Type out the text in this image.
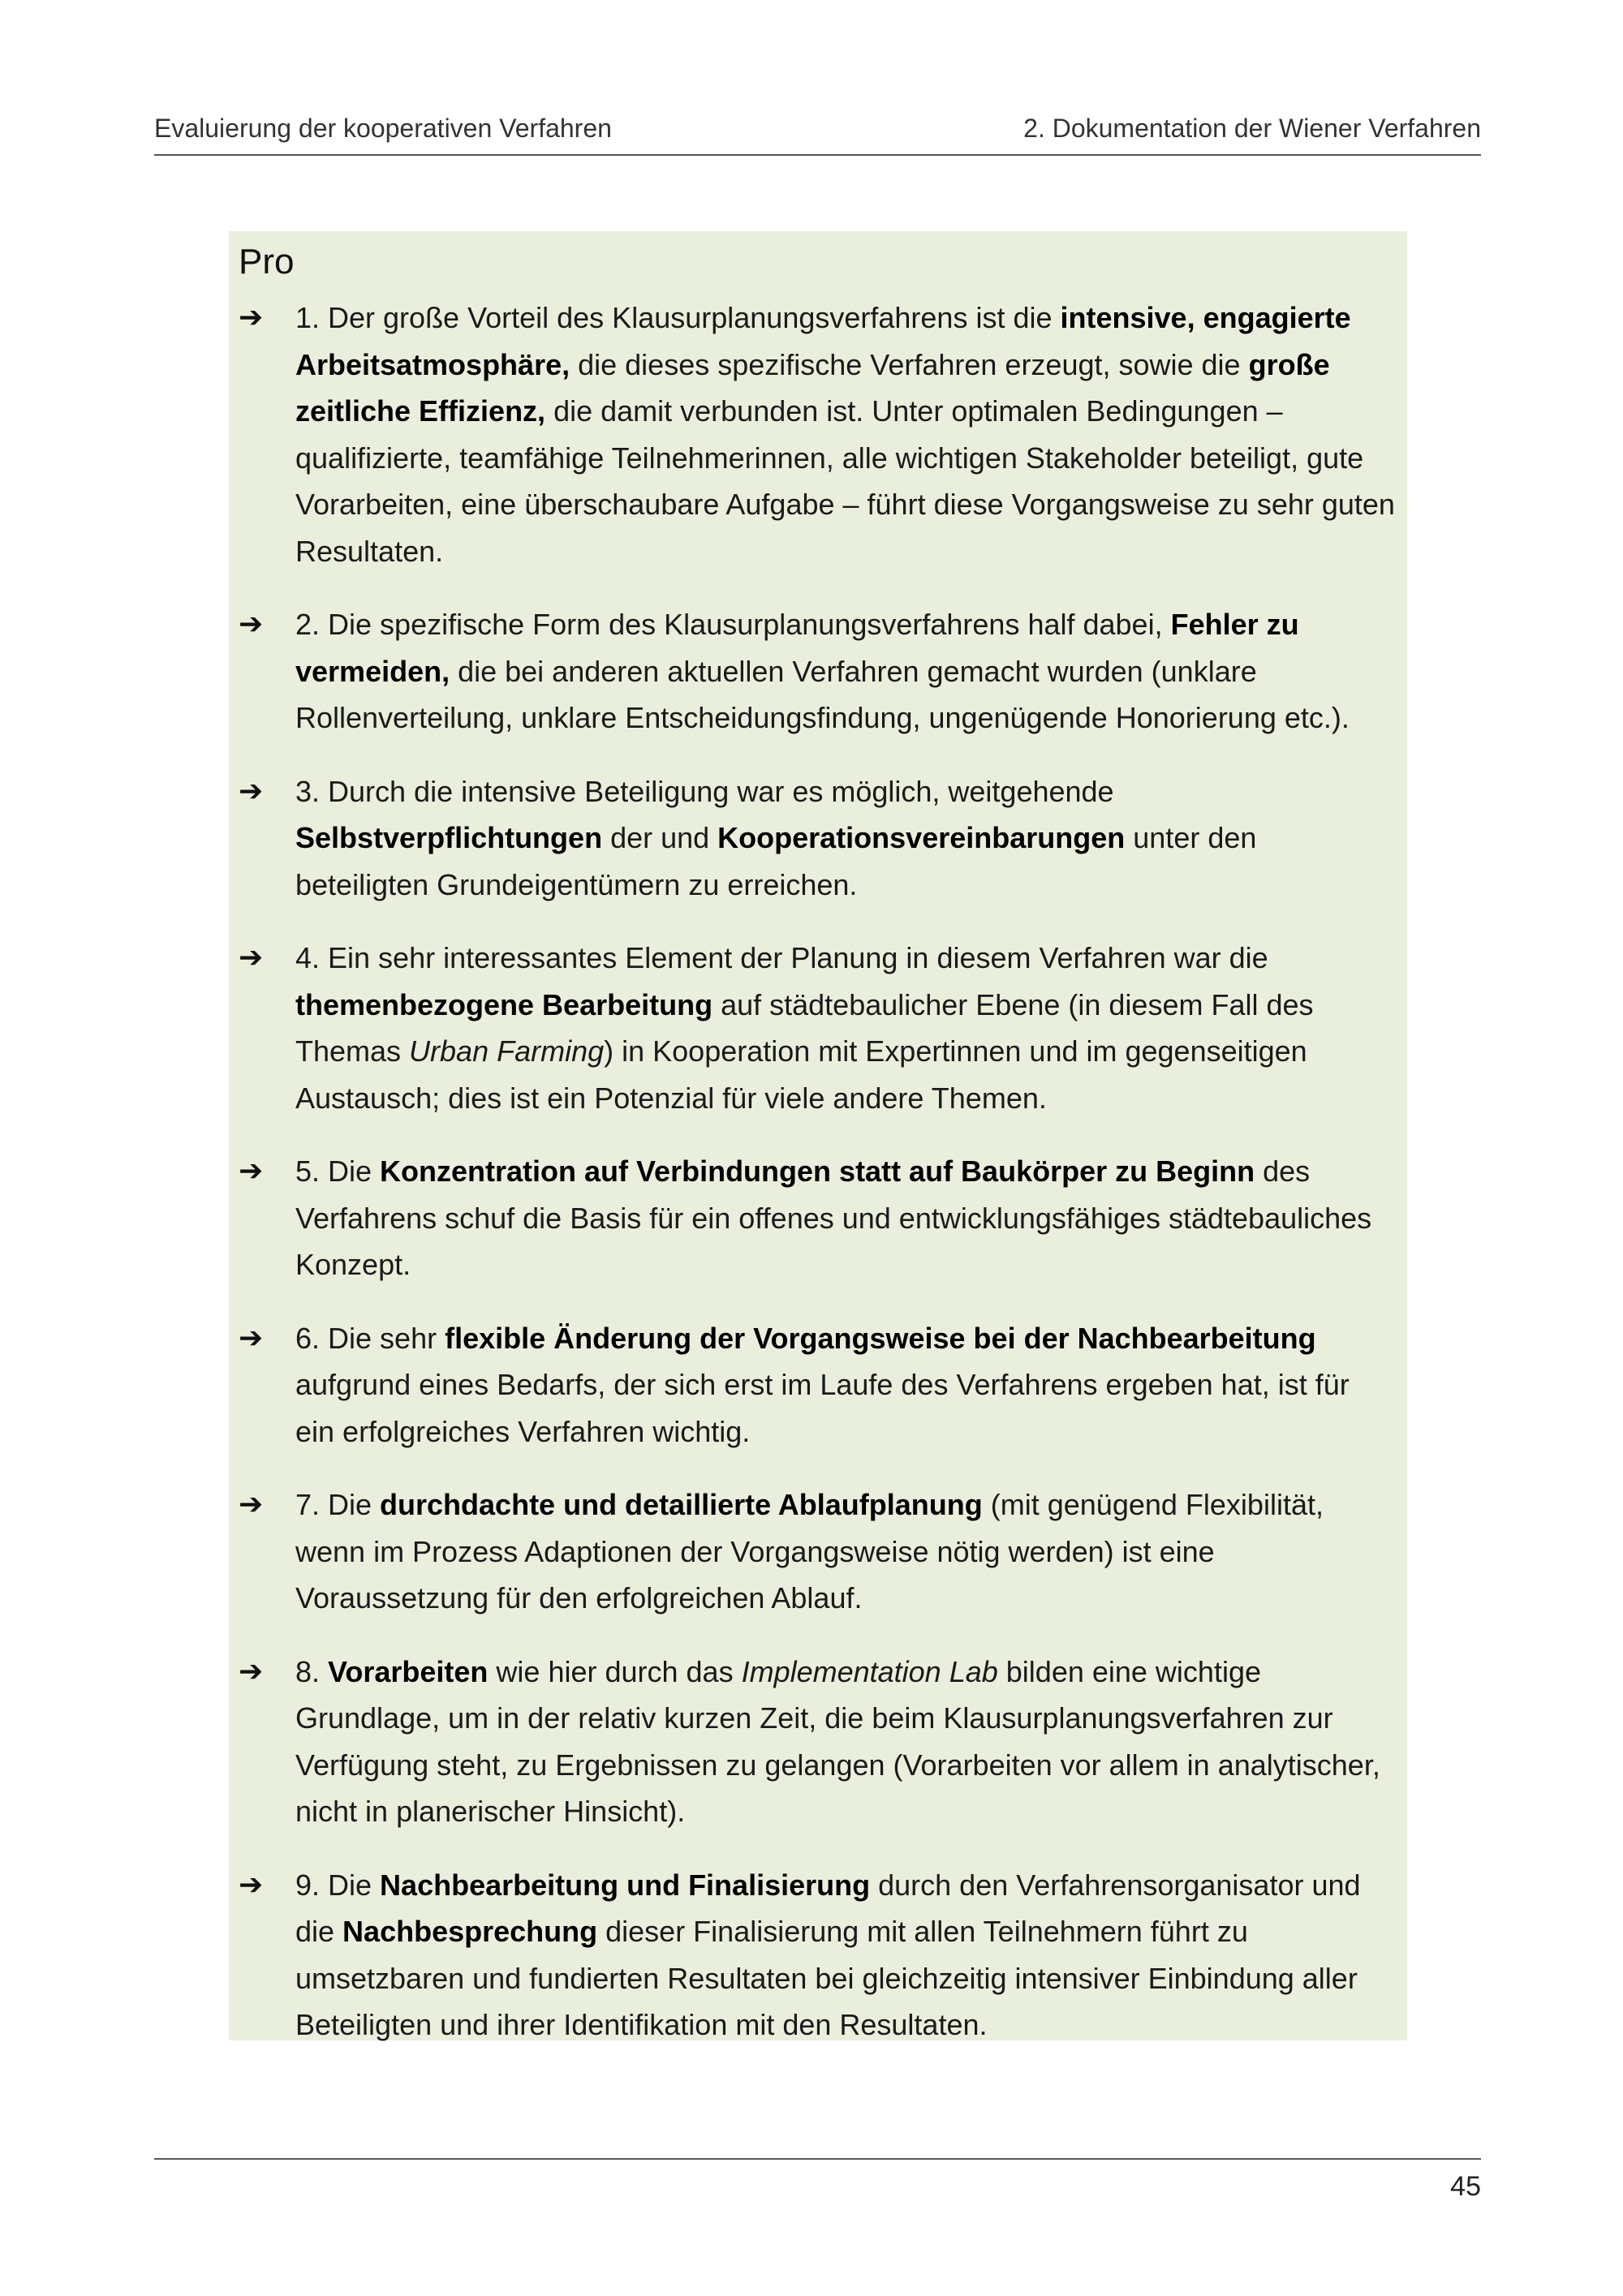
Evaluierung der kooperativen Verfahren	2. Dokumentation der Wiener Verfahren
Pro
➔ 1. Der große Vorteil des Klausurplanungsverfahrens ist die intensive, engagierte Arbeitsatmosphäre, die dieses spezifische Verfahren erzeugt, sowie die große zeitliche Effizienz, die damit verbunden ist. Unter optimalen Bedingungen – qualifizierte, teamfähige Teilnehmerinnen, alle wichtigen Stakeholder beteiligt, gute Vorarbeiten, eine überschaubare Aufgabe – führt diese Vorgangsweise zu sehr guten Resultaten.
➔ 2. Die spezifische Form des Klausurplanungsverfahrens half dabei, Fehler zu vermeiden, die bei anderen aktuellen Verfahren gemacht wurden (unklare Rollenverteilung, unklare Entscheidungsfindung, ungenügende Honorierung etc.).
➔ 3. Durch die intensive Beteiligung war es möglich, weitgehende Selbstverpflichtungen der und Kooperationsvereinbarungen unter den beteiligten Grundeigentümern zu erreichen.
➔ 4. Ein sehr interessantes Element der Planung in diesem Verfahren war die themenbezogene Bearbeitung auf städtebaulicher Ebene (in diesem Fall des Themas Urban Farming) in Kooperation mit Expertinnen und im gegenseitigen Austausch; dies ist ein Potenzial für viele andere Themen.
➔ 5. Die Konzentration auf Verbindungen statt auf Baukörper zu Beginn des Verfahrens schuf die Basis für ein offenes und entwicklungsfähiges städtebauliches Konzept.
➔ 6. Die sehr flexible Änderung der Vorgangsweise bei der Nachbearbeitung aufgrund eines Bedarfs, der sich erst im Laufe des Verfahrens ergeben hat, ist für ein erfolgreiches Verfahren wichtig.
➔ 7. Die durchdachte und detaillierte Ablaufplanung (mit genügend Flexibilität, wenn im Prozess Adaptionen der Vorgangsweise nötig werden) ist eine Voraussetzung für den erfolgreichen Ablauf.
➔ 8. Vorarbeiten wie hier durch das Implementation Lab bilden eine wichtige Grundlage, um in der relativ kurzen Zeit, die beim Klausurplanungsverfahren zur Verfügung steht, zu Ergebnissen zu gelangen (Vorarbeiten vor allem in analytischer, nicht in planerischer Hinsicht).
➔ 9. Die Nachbearbeitung und Finalisierung durch den Verfahrensorganisator und die Nachbesprechung dieser Finalisierung mit allen Teilnehmern führt zu umsetzbaren und fundierten Resultaten bei gleichzeitig intensiver Einbindung aller Beteiligten und ihrer Identifikation mit den Resultaten.
45
